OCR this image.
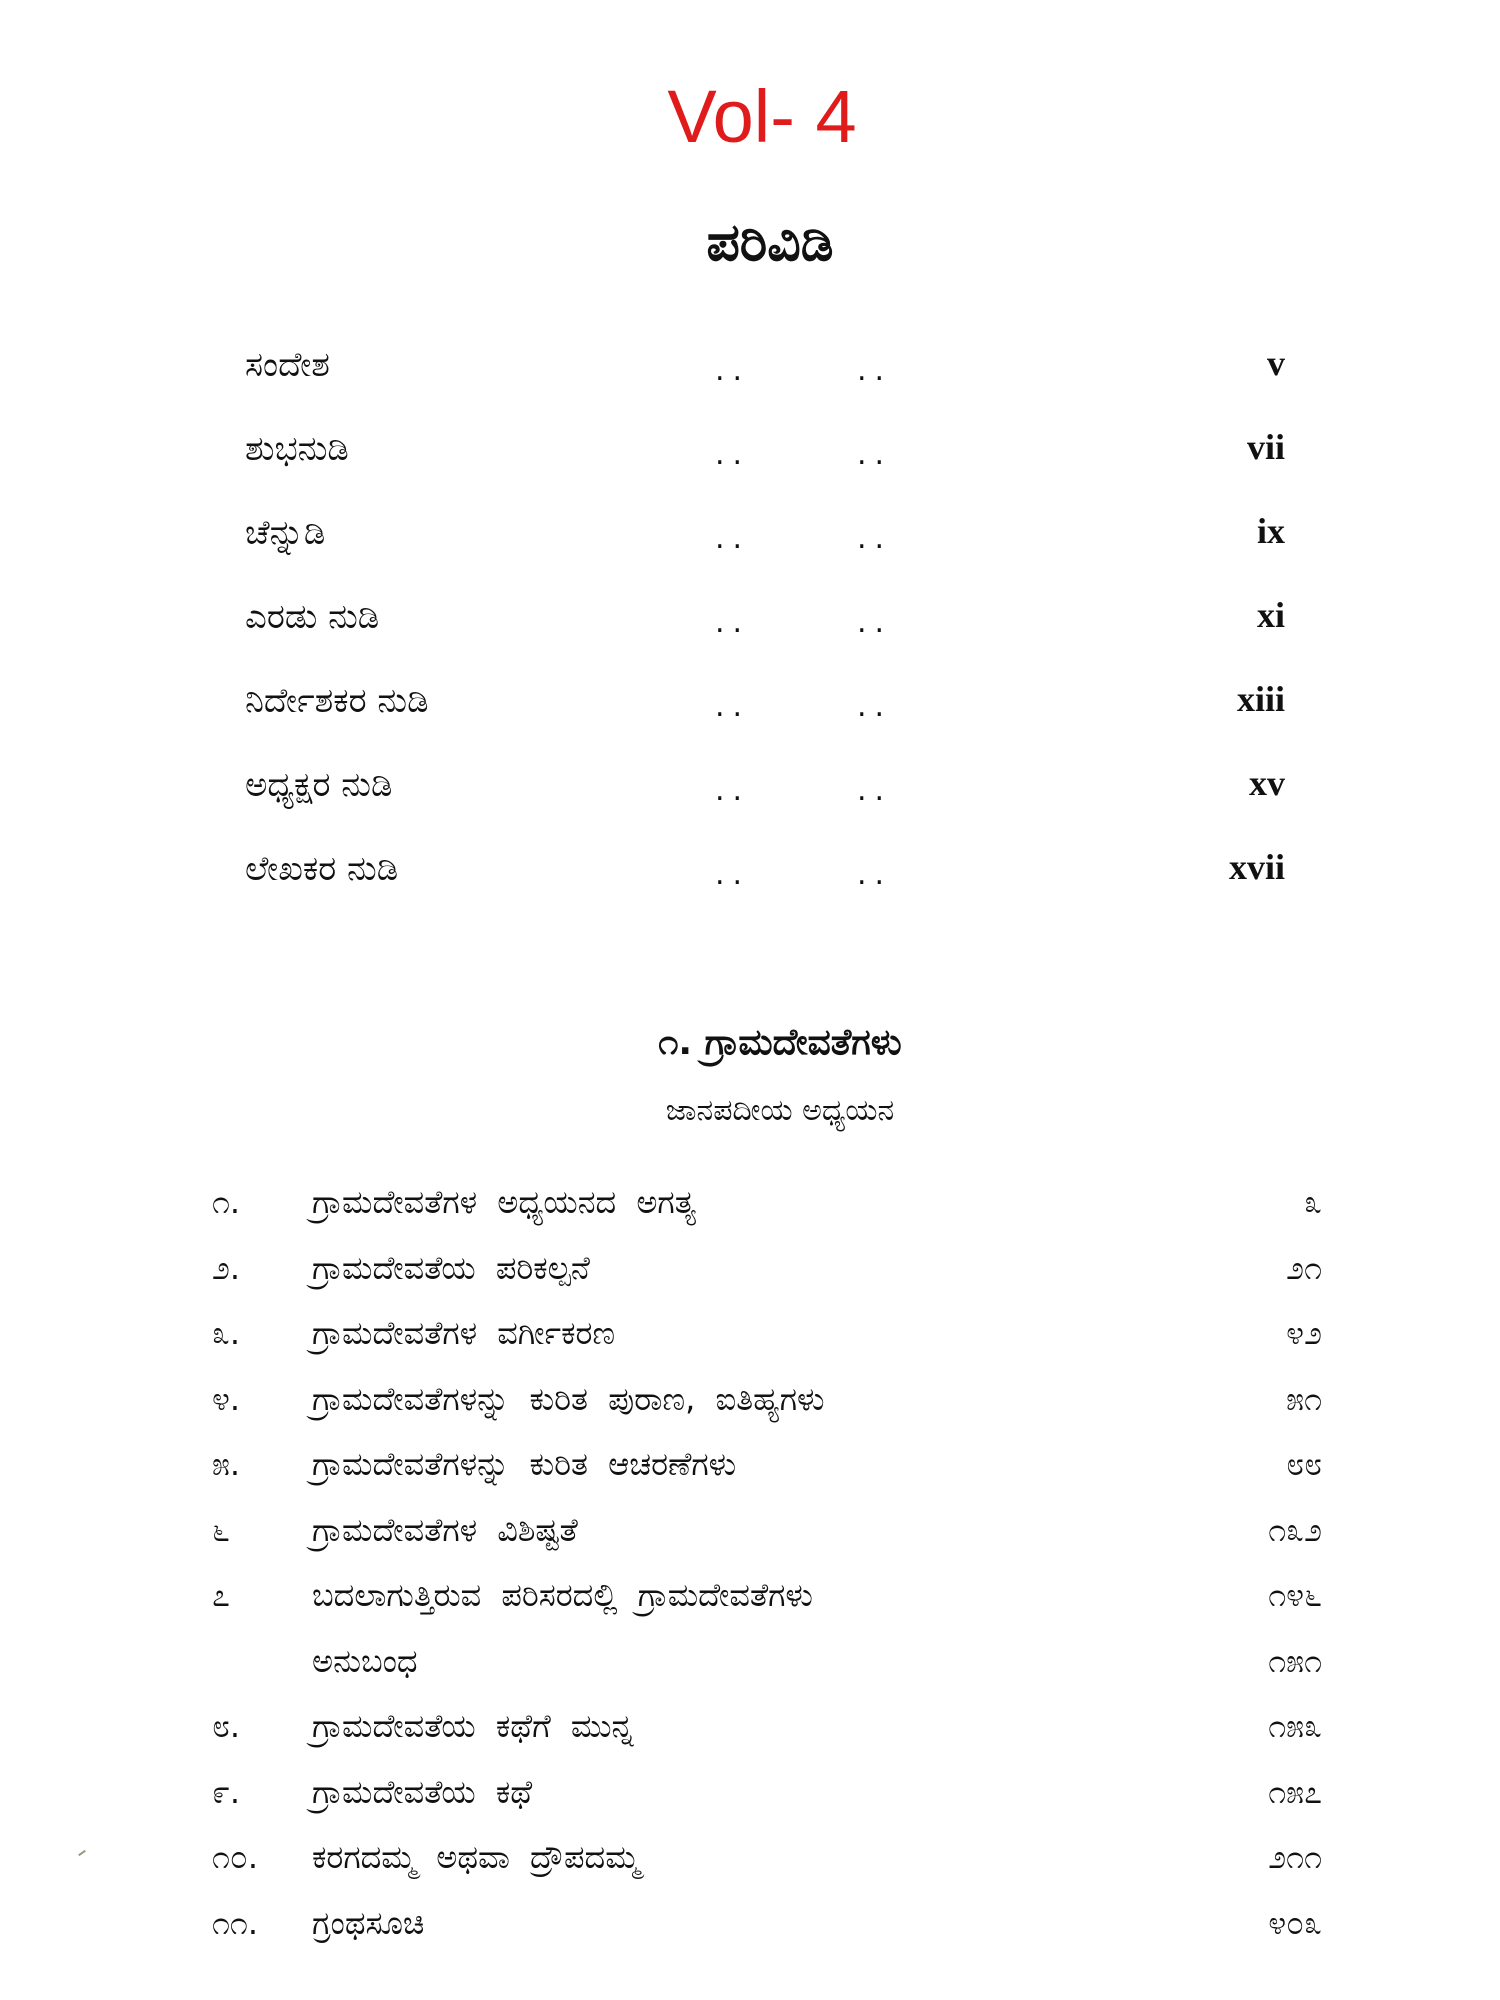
Vol- 4
ಪರಿವಿಡಿ
ಸಂದೇಶ	..	..	v
ಶುಭನುಡಿ	..	..	vii
ಚೆನ್ನುಡಿ	..	..	ix
ಎರಡು ನುಡಿ	..	..	xi
ನಿರ್ದೇಶಕರ ನುಡಿ	..	..	xiii
ಅಧ್ಯಕ್ಷರ ನುಡಿ	..	..	xv
ಲೇಖಕರ ನುಡಿ	..	..	xvii
೧. ಗ್ರಾಮದೇವತೆಗಳು
ಜಾನಪದೀಯ ಅಧ್ಯಯನ
೧. ಗ್ರಾಮದೇವತೆಗಳ ಅಧ್ಯಯನದ ಅಗತ್ಯ	೩
೨. ಗ್ರಾಮದೇವತೆಯ ಪರಿಕಲ್ಪನೆ	೨೧
೩. ಗ್ರಾಮದೇವತೆಗಳ ವರ್ಗೀಕರಣ	೪೨
೪. ಗ್ರಾಮದೇವತೆಗಳನ್ನು ಕುರಿತ ಪುರಾಣ, ಐತಿಹ್ಯಗಳು	೫೧
೫. ಗ್ರಾಮದೇವತೆಗಳನ್ನು ಕುರಿತ ಆಚರಣೆಗಳು	೮೮
೬	ಗ್ರಾಮದೇವತೆಗಳ ವಿಶಿಷ್ಟತೆ	೧೩೨
೭	ಬದಲಾಗುತ್ತಿರುವ ಪರಿಸರದಲ್ಲಿ ಗ್ರಾಮದೇವತೆಗಳು	೧೪೬
ಅನುಬಂಧ	೧೫೧
೮. ಗ್ರಾಮದೇವತೆಯ ಕಥೆಗೆ ಮುನ್ನ	೧೫೩
೯. ಗ್ರಾಮದೇವತೆಯ ಕಥೆ	೧೫೭
೧೦. ಕರಗದಮ್ಮ ಅಥವಾ ದ್ರೌಪದಮ್ಮ	೨೧೧
೧೧. ಗ್ರಂಥಸೂಚಿ	೪೦೩
